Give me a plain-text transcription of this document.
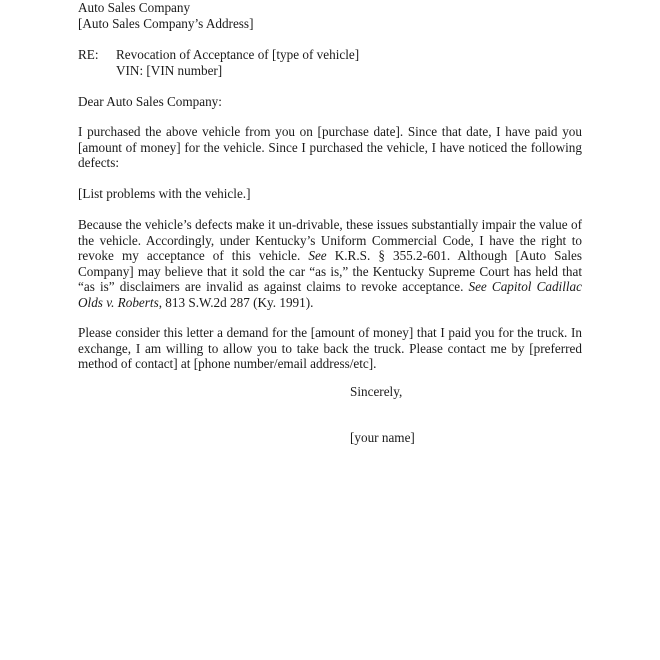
Auto Sales Company
[Auto Sales Company’s Address]
RE:	Revocation of Acceptance of [type of vehicle]
VIN: [VIN number]
Dear Auto Sales Company:

I purchased the above vehicle from you on [purchase date]. Since that date, I have paid you [amount of money] for the vehicle. Since I purchased the vehicle, I have noticed the following defects:

[List problems with the vehicle.]

Because the vehicle’s defects make it un-drivable, these issues substantially impair the value of the vehicle. Accordingly, under Kentucky’s Uniform Commercial Code, I have the right to revoke my acceptance of this vehicle. See K.R.S. § 355.2-601. Although [Auto Sales Company] may believe that it sold the car “as is,” the Kentucky Supreme Court has held that “as is” disclaimers are invalid as against claims to revoke acceptance. See Capitol Cadillac Olds v. Roberts, 813 S.W.2d 287 (Ky. 1991).

Please consider this letter a demand for the [amount of money] that I paid you for the truck. In exchange, I am willing to allow you to take back the truck. Please contact me by [preferred method of contact] at [phone number/email address/etc].

Sincerely,
[your name]
